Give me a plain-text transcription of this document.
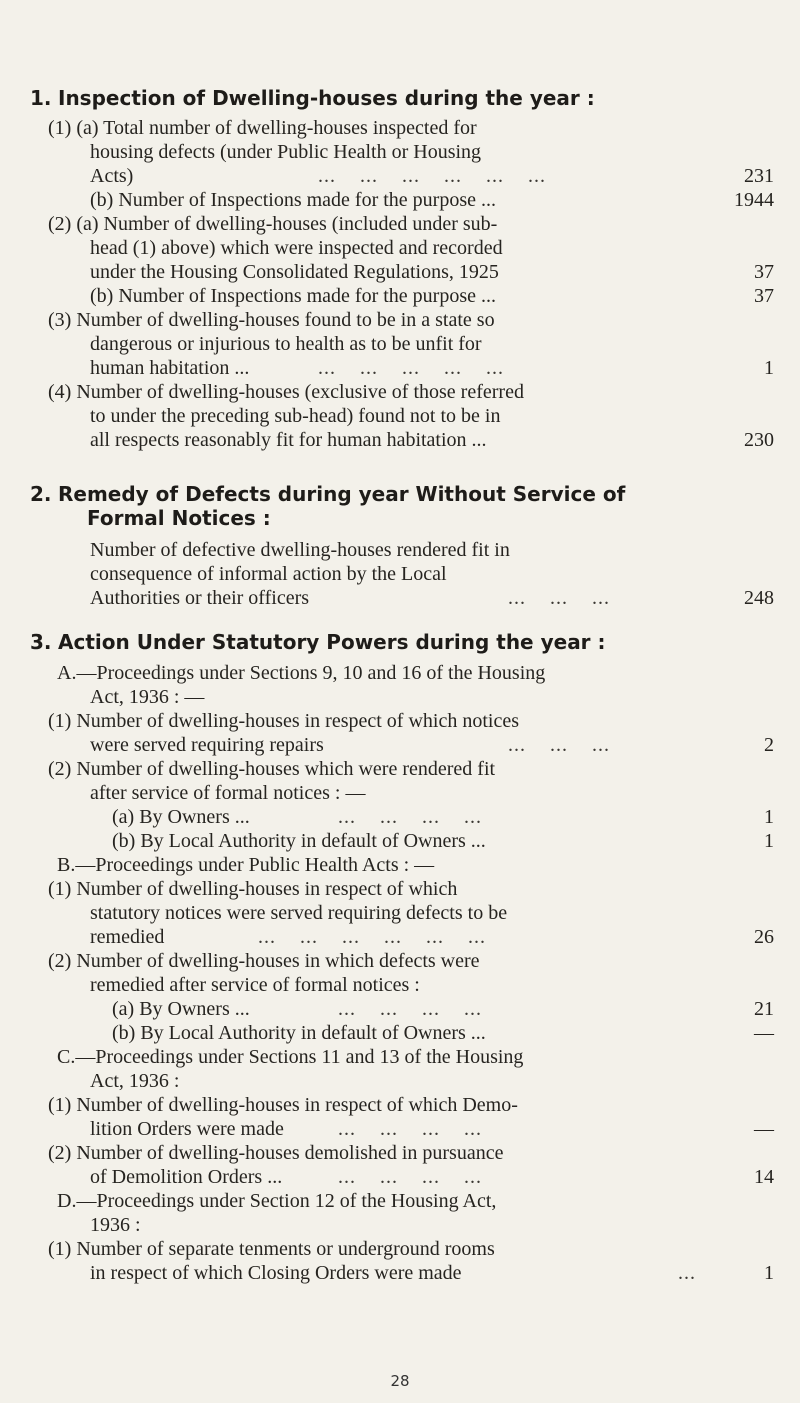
1. Inspection of Dwelling-houses during the year :
(1) (a) Total number of dwelling-houses inspected for
housing defects (under Public Health or Housing
Acts)	...    ...    ...    ...    ...    ...	231
(b) Number of Inspections made for the purpose ...	1944
(2) (a) Number of dwelling-houses (included under sub-
head (1) above) which were inspected and recorded
under the Housing Consolidated Regulations, 1925	37
(b) Number of Inspections made for the purpose ...	37
(3) Number of dwelling-houses found to be in a state so
dangerous or injurious to health as to be unfit for
human habitation ...	...    ...    ...    ...    ...	1
(4) Number of dwelling-houses (exclusive of those referred
to under the preceding sub-head) found not to be in
all respects reasonably fit for human habitation ...	230
2. Remedy of Defects during year Without Service of
Formal Notices :
Number of defective dwelling-houses rendered fit in
consequence of informal action by the Local
Authorities or their officers	...    ...    ...	248
3. Action Under Statutory Powers during the year :
A.—Proceedings under Sections 9, 10 and 16 of the Housing
Act, 1936 : —
(1) Number of dwelling-houses in respect of which notices
were served requiring repairs	...    ...    ...	2
(2) Number of dwelling-houses which were rendered fit
after service of formal notices : —
(a) By Owners ...	...    ...    ...    ...	1
(b) By Local Authority in default of Owners ...	1
B.—Proceedings under Public Health Acts : —
(1) Number of dwelling-houses in respect of which
statutory notices were served requiring defects to be
remedied	...    ...    ...    ...    ...    ...	26
(2) Number of dwelling-houses in which defects were
remedied after service of formal notices :
(a) By Owners ...	...    ...    ...    ...	21
(b) By Local Authority in default of Owners ...	—
C.—Proceedings under Sections 11 and 13 of the Housing
Act, 1936 :
(1) Number of dwelling-houses in respect of which Demo-
lition Orders were made	...    ...    ...    ...	—
(2) Number of dwelling-houses demolished in pursuance
of Demolition Orders ...	...    ...    ...    ...	14
D.—Proceedings under Section 12 of the Housing Act,
1936 :
(1) Number of separate tenments or underground rooms
in respect of which Closing Orders were made	...	1
28
